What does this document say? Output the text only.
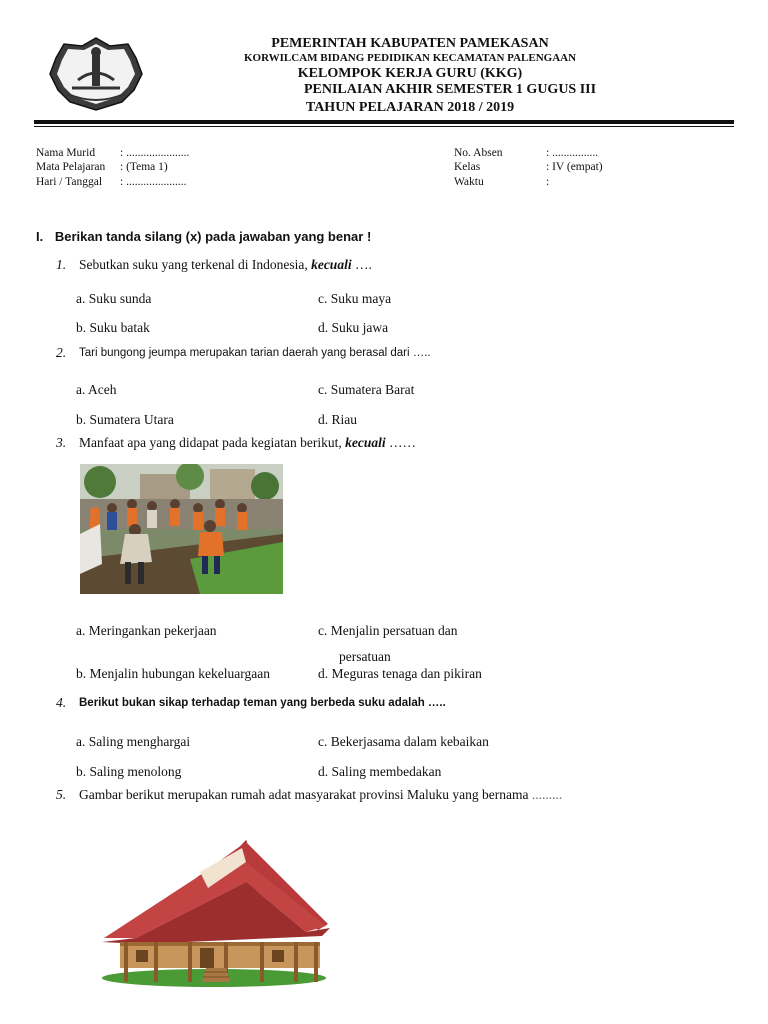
PEMERINTAH KABUPATEN PAMEKASAN
KORWILCAM BIDANG PEDIDIKAN KECAMATAN PALENGAAN
KELOMPOK KERJA GURU (KKG)
PENILAIAN AKHIR SEMESTER 1 GUGUS III
TAHUN PELAJARAN 2018 / 2019
Nama Murid : ......................
Mata Pelajaran : (Tema 1)
Hari / Tanggal : .....................
No. Absen	: ................
Kelas	: IV (empat)
Waktu	:
I. Berikan tanda silang (x) pada jawaban yang benar !
1. Sebutkan suku yang terkenal di Indonesia, kecuali ….
a. Suku sunda
b. Suku batak
c. Suku maya
d. Suku jawa
2. Tari bungong jeumpa merupakan tarian daerah yang berasal dari …..
a. Aceh
b. Sumatera Utara
c. Sumatera Barat
d. Riau
3. Manfaat apa yang didapat pada kegiatan berikut, kecuali ……
a. Meringankan pekerjaan
b. Menjalin hubungan kekeluargaan
c. Menjalin persatuan dan
persatuan
d. Meguras tenaga dan pikiran
4. Berikut bukan sikap terhadap teman yang berbeda suku adalah …..
a. Saling menghargai
b. Saling menolong
c. Bekerjasama dalam kebaikan
d. Saling membedakan
5. Gambar berikut merupakan rumah adat masyarakat provinsi Maluku yang bernama .........
